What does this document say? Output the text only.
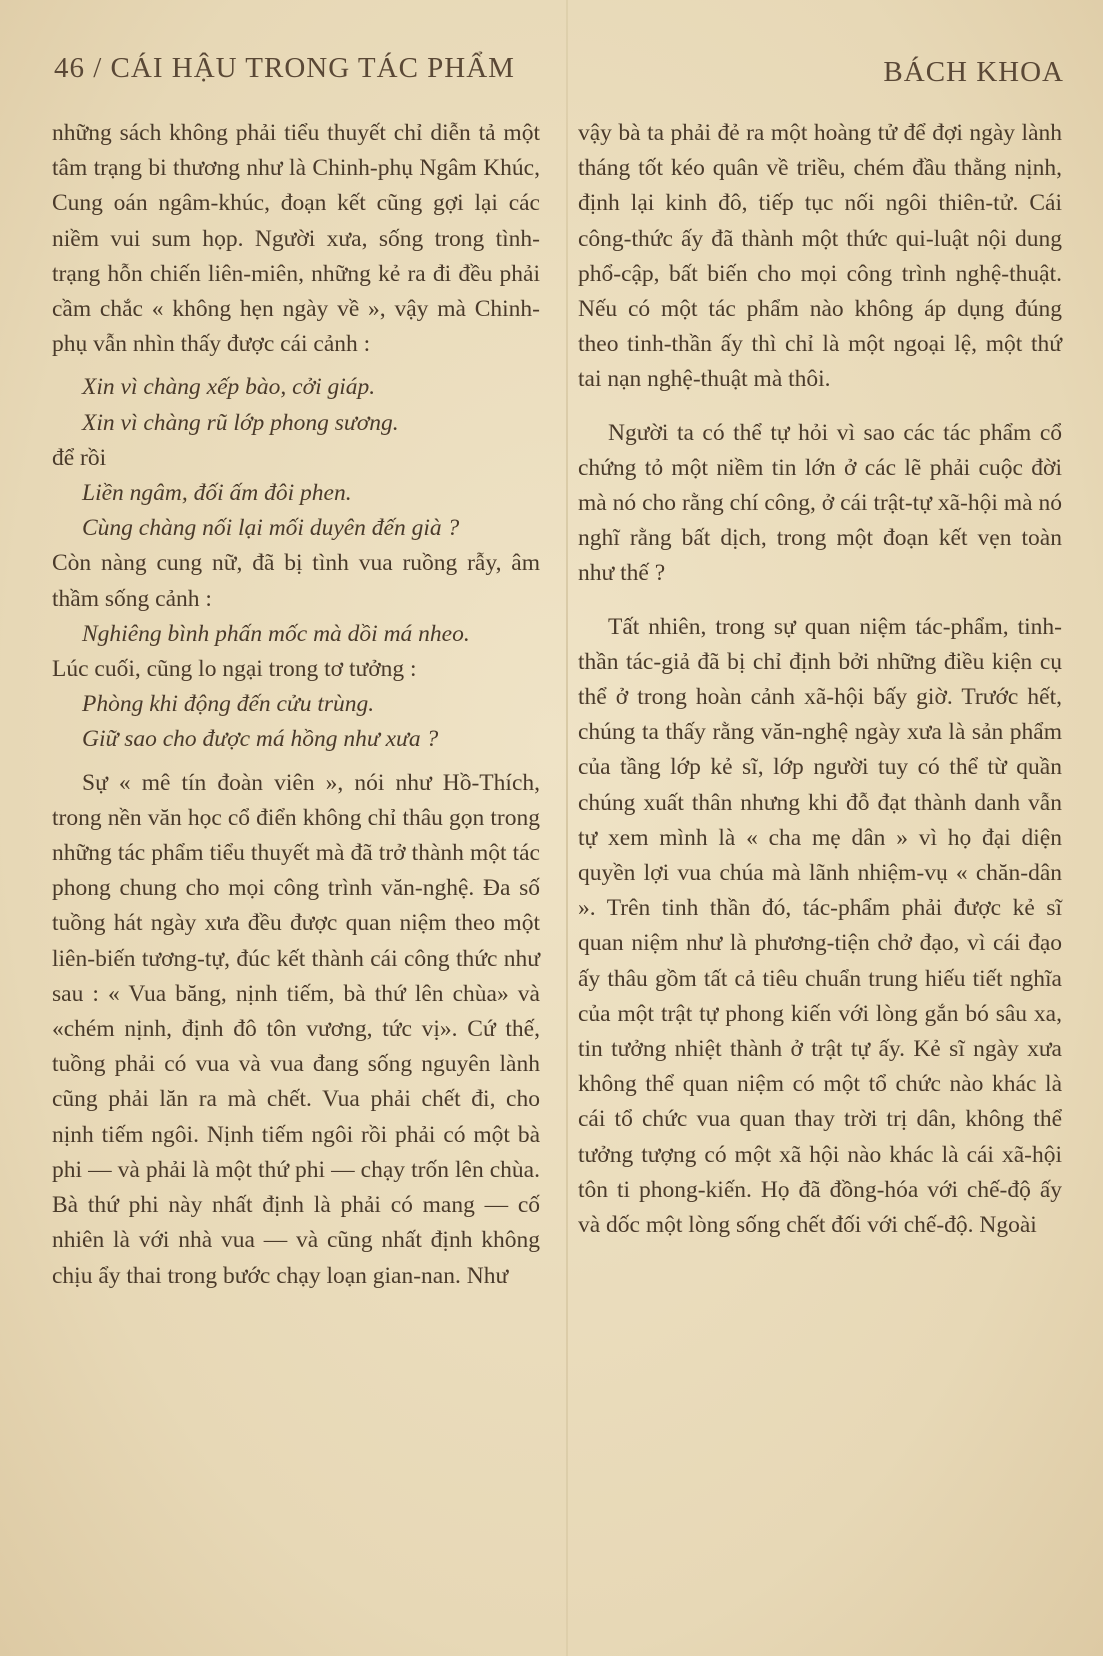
46 / CÁI HẬU TRONG TÁC PHẨM	BÁCH KHOA

những sách không phải tiểu thuyết chỉ diễn tả một tâm trạng bi thương như là Chinh-phụ Ngâm Khúc, Cung oán ngâm-khúc, đoạn kết cũng gợi lại các niềm vui sum họp. Người xưa, sống trong tình-trạng hỗn chiến liên-miên, những kẻ ra đi đều phải cầm chắc « không hẹn ngày về », vậy mà Chinh-phụ vẫn nhìn thấy được cái cảnh :

Xin vì chàng xếp bào, cởi giáp.

Xin vì chàng rũ lớp phong sương.

để rồi

Liền ngâm, đối ấm đôi phen.

Cùng chàng nối lại mối duyên đến già ?

Còn nàng cung nữ, đã bị tình vua ruồng rẫy, âm thầm sống cảnh :

Nghiêng bình phấn mốc mà dồi má nheo.

Lúc cuối, cũng lo ngại trong tơ tưởng :

Phòng khi động đến cửu trùng.

Giữ sao cho được má hồng như xưa ?

Sự « mê tín đoàn viên », nói như Hồ-Thích, trong nền văn học cổ điển không chỉ thâu gọn trong những tác phẩm tiểu thuyết mà đã trở thành một tác phong chung cho mọi công trình văn-nghệ. Đa số tuồng hát ngày xưa đều được quan niệm theo một liên-biến tương-tự, đúc kết thành cái công thức như sau : « Vua băng, nịnh tiếm, bà thứ lên chùa» và «chém nịnh, định đô tôn vương, tức vị». Cứ thế, tuồng phải có vua và vua đang sống nguyên lành cũng phải lăn ra mà chết. Vua phải chết đi, cho nịnh tiếm ngôi. Nịnh tiếm ngôi rồi phải có một bà phi — và phải là một thứ phi — chạy trốn lên chùa. Bà thứ phi này nhất định là phải có mang — cố nhiên là với nhà vua — và cũng nhất định không chịu ẩy thai trong bước chạy loạn gian-nan. Như

vậy bà ta phải đẻ ra một hoàng tử để đợi ngày lành tháng tốt kéo quân về triều, chém đầu thằng nịnh, định lại kinh đô, tiếp tục nối ngôi thiên-tử. Cái công-thức ấy đã thành một thức qui-luật nội dung phổ-cập, bất biến cho mọi công trình nghệ-thuật. Nếu có một tác phẩm nào không áp dụng đúng theo tinh-thần ấy thì chỉ là một ngoại lệ, một thứ tai nạn nghệ-thuật mà thôi.

Người ta có thể tự hỏi vì sao các tác phẩm cổ chứng tỏ một niềm tin lớn ở các lẽ phải cuộc đời mà nó cho rằng chí công, ở cái trật-tự xã-hội mà nó nghĩ rằng bất dịch, trong một đoạn kết vẹn toàn như thế ?

Tất nhiên, trong sự quan niệm tác-phẩm, tinh-thần tác-giả đã bị chỉ định bởi những điều kiện cụ thể ở trong hoàn cảnh xã-hội bấy giờ. Trước hết, chúng ta thấy rằng văn-nghệ ngày xưa là sản phẩm của tầng lớp kẻ sĩ, lớp người tuy có thể từ quần chúng xuất thân nhưng khi đỗ đạt thành danh vẫn tự xem mình là « cha mẹ dân » vì họ đại diện quyền lợi vua chúa mà lãnh nhiệm-vụ « chăn-dân ». Trên tinh thần đó, tác-phẩm phải được kẻ sĩ quan niệm như là phương-tiện chở đạo, vì cái đạo ấy thâu gồm tất cả tiêu chuẩn trung hiếu tiết nghĩa của một trật tự phong kiến với lòng gắn bó sâu xa, tin tưởng nhiệt thành ở trật tự ấy. Kẻ sĩ ngày xưa không thể quan niệm có một tổ chức nào khác là cái tổ chức vua quan thay trời trị dân, không thể tưởng tượng có một xã hội nào khác là cái xã-hội tôn ti phong-kiến. Họ đã đồng-hóa với chế-độ ấy và dốc một lòng sống chết đối với chế-độ. Ngoài
